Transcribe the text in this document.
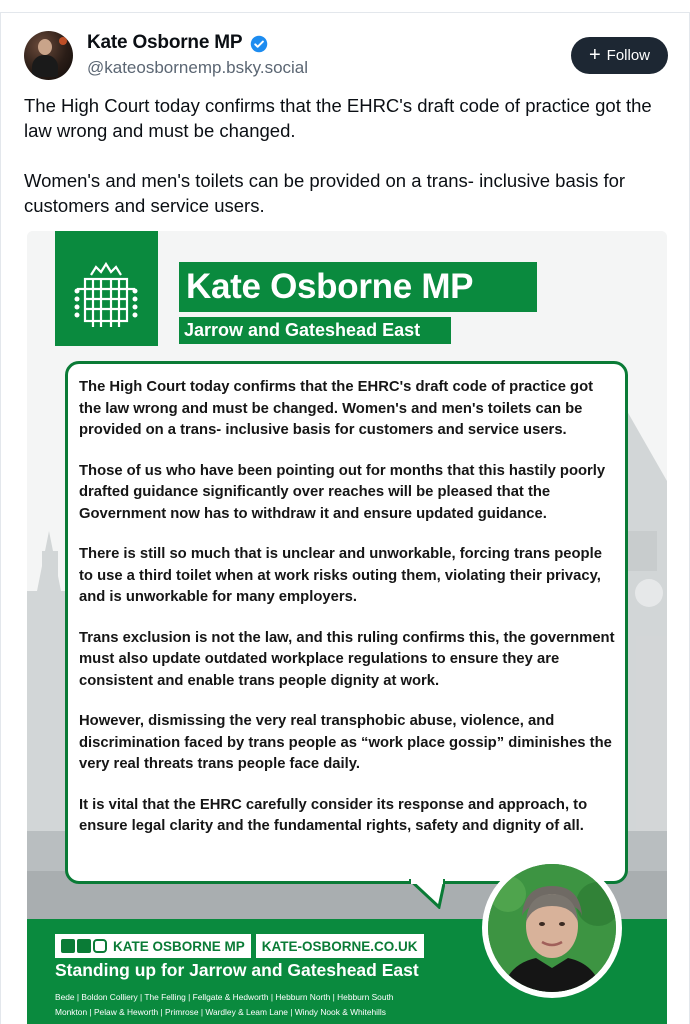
Kate Osborne MP
@kateosbornemp.bsky.social
+ Follow

The High Court today confirms that the EHRC's draft code of practice got the law wrong and must be changed.

Women's and men's toilets can be provided on a trans- inclusive basis for customers and service users.

Kate Osborne MP
Jarrow and Gateshead East

The High Court today confirms that the EHRC's draft code of practice got the law wrong and must be changed. Women's and men's toilets can be provided on a trans- inclusive basis for customers and service users.

Those of us who have been pointing out for months that this hastily poorly drafted guidance significantly over reaches will be pleased that the Government now has to withdraw it and ensure updated guidance.

There is still so much that is unclear and unworkable, forcing trans people to use a third toilet when at work risks outing them, violating their privacy, and is unworkable for many employers.

Trans exclusion is not the law, and this ruling confirms this, the government must also update outdated workplace regulations to ensure they are consistent and enable trans people dignity at work.

However, dismissing the very real transphobic abuse, violence, and discrimination faced by trans people as “work place gossip” diminishes the very real threats trans people face daily.

It is vital that the EHRC carefully consider its response and approach, to ensure legal clarity and the fundamental rights, safety and dignity of all.

KATE OSBORNE MP	KATE-OSBORNE.CO.UK
Standing up for Jarrow and Gateshead East
Bede | Boldon Colliery | The Felling | Fellgate & Hedworth | Hebburn North | Hebburn South
Monkton | Pelaw & Heworth | Primrose | Wardley & Leam Lane | Windy Nook & Whitehills
